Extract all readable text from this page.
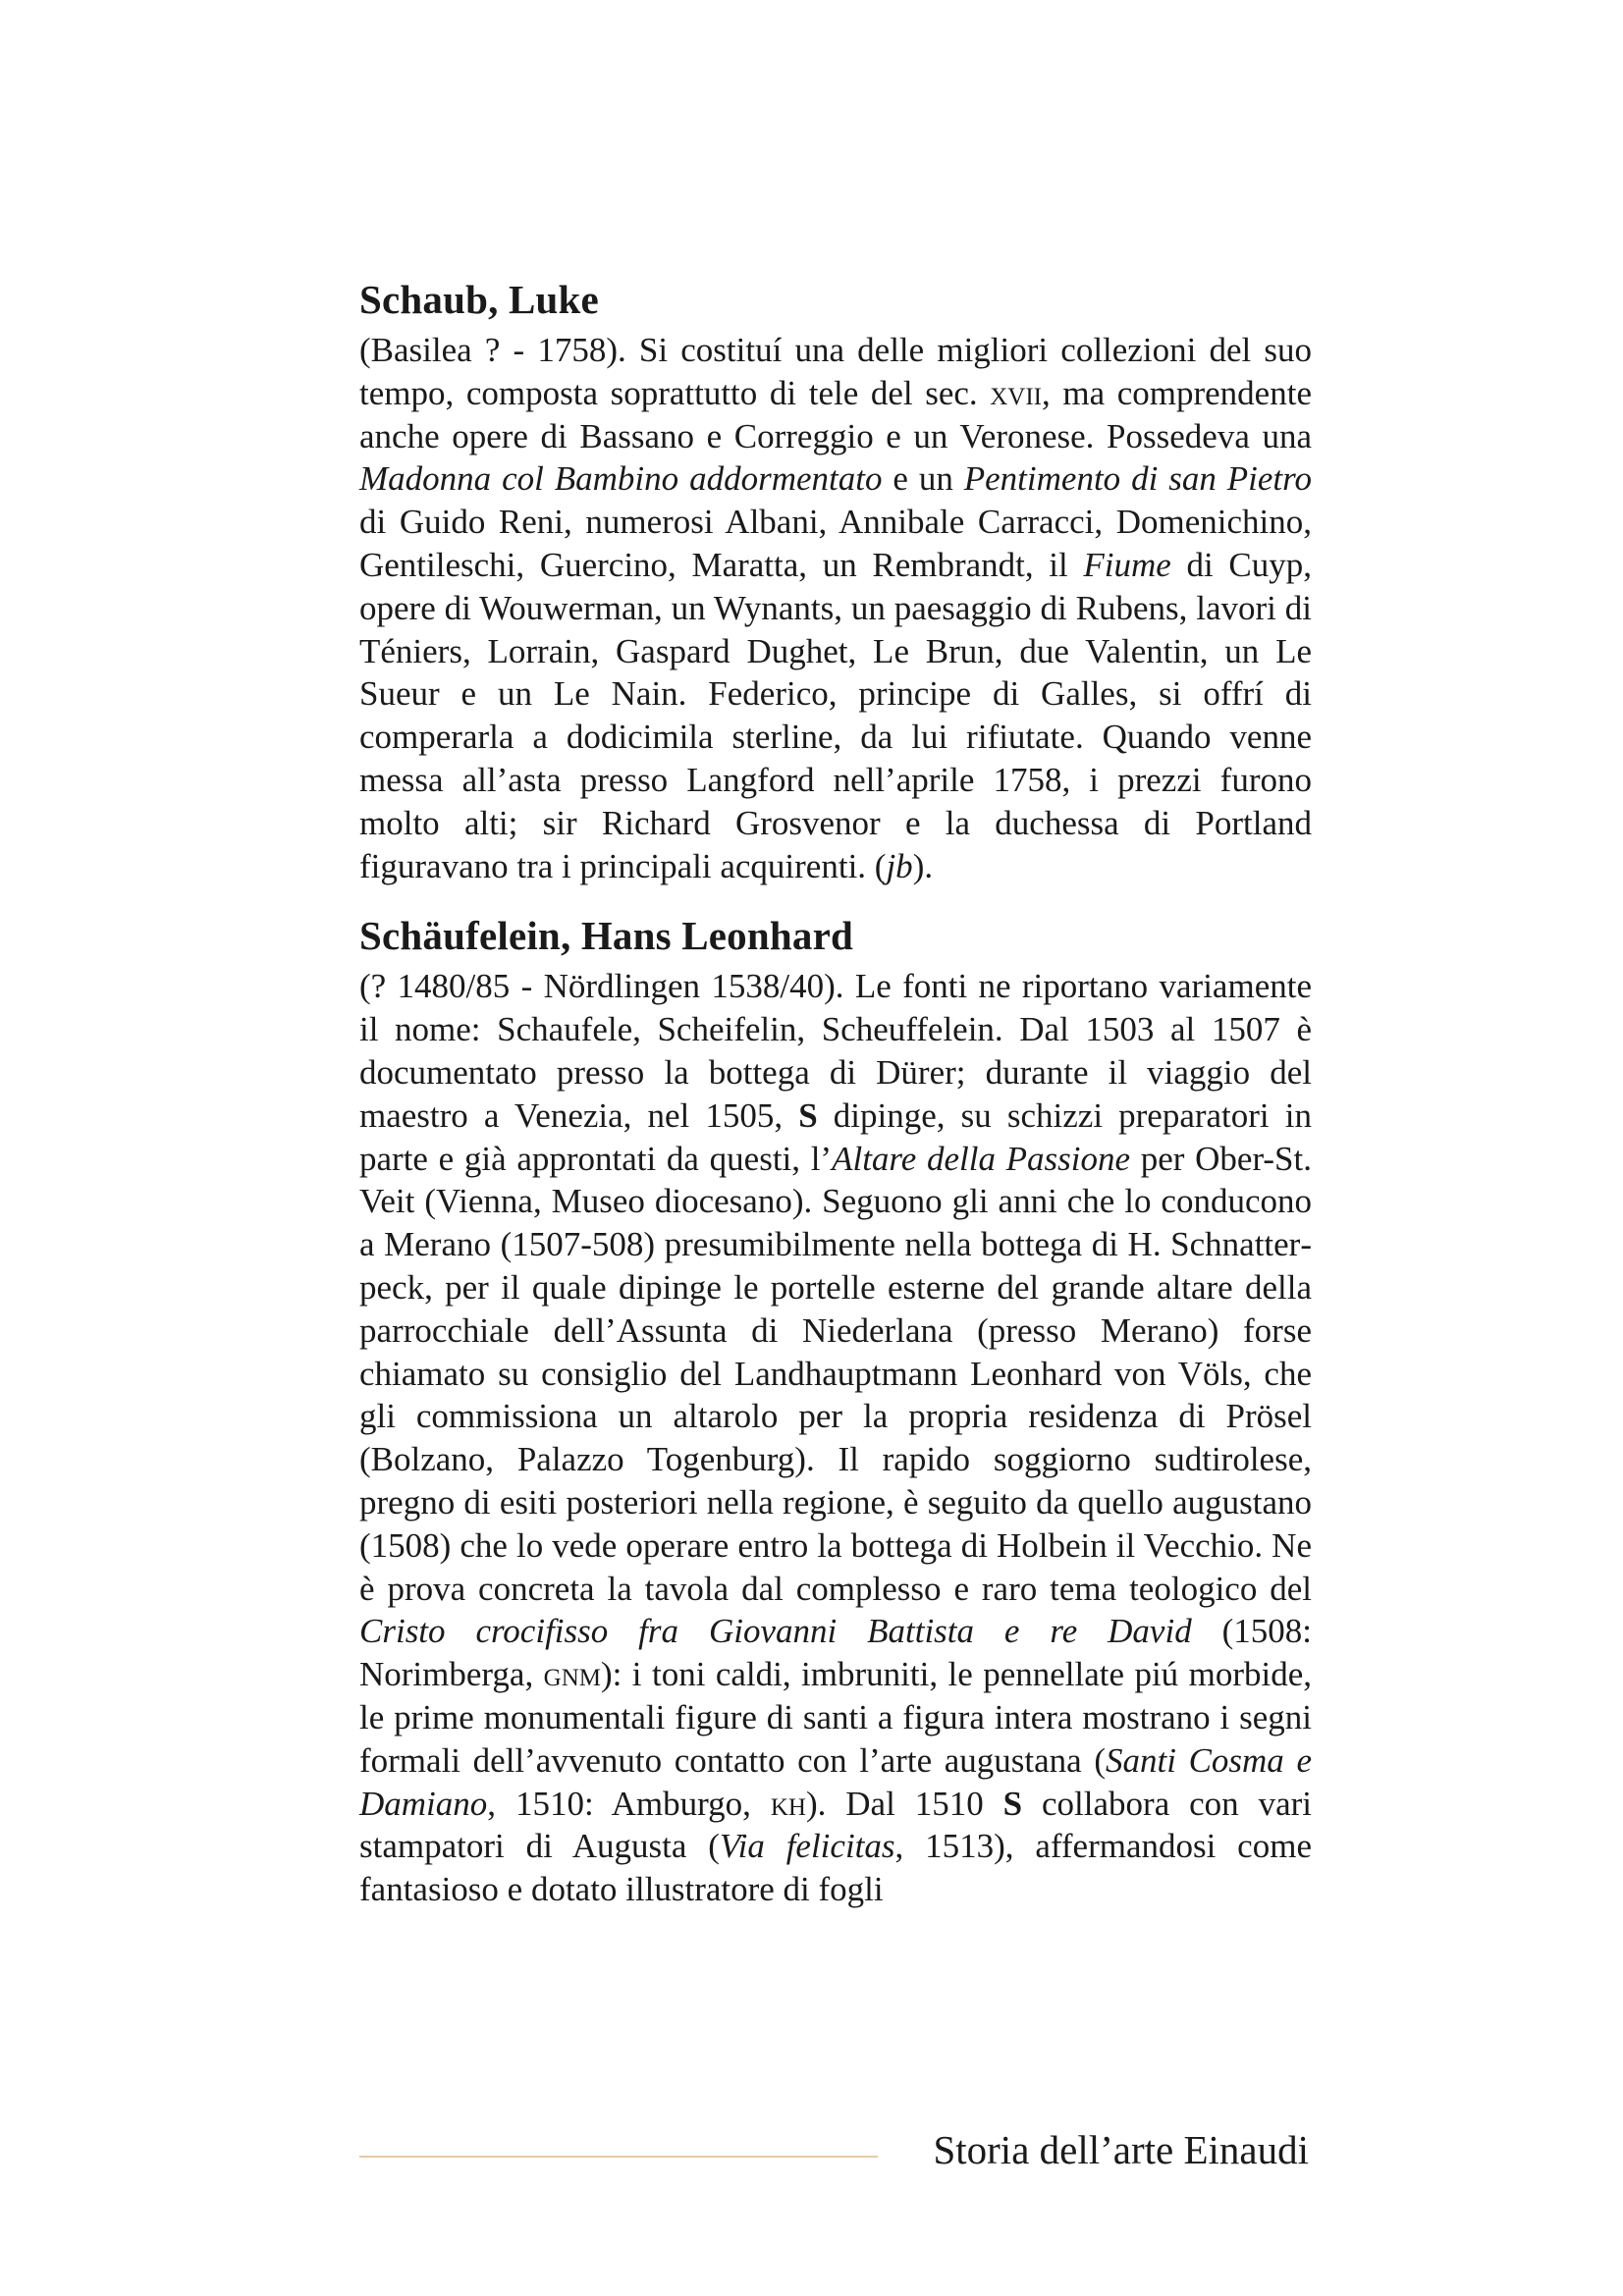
Schaub, Luke

(Basilea ? - 1758). Si costituí una delle migliori collezioni del suo tempo, composta soprattutto di tele del sec. xvii, ma comprendente anche opere di Bassano e Correggio e un Veronese. Possedeva una Madonna col Bambino addormentato e un Pentimento di san Pietro di Guido Reni, numerosi Albani, Annibale Carracci, Domenichino, Gentileschi, Guercino, Maratta, un Rembrandt, il Fiume di Cuyp, opere di Wouwerman, un Wynants, un paesaggio di Rubens, lavori di Téniers, Lorrain, Gaspard Dughet, Le Brun, due Valentin, un Le Sueur e un Le Nain. Federico, principe di Galles, si offrí di comperarla a dodicimila sterline, da lui rifiutate. Quando venne messa all’asta presso Langford nell’aprile 1758, i prezzi furono molto alti; sir Richard Grosvenor e la duchessa di Portland figuravano tra i principali acquirenti. (jb).

Schäufelein, Hans Leonhard

(? 1480/85 - Nördlingen 1538/40). Le fonti ne riportano variamente il nome: Schaufele, Scheifelin, Scheuffelein. Dal 1503 al 1507 è documentato presso la bottega di Dürer; durante il viaggio del maestro a Venezia, nel 1505, S dipinge, su schizzi preparatori in parte e già approntati da questi, l’Altare della Passione per Ober-St. Veit (Vienna, Museo diocesano). Seguono gli anni che lo conducono a Merano (1507-508) presumibilmente nella bottega di H. Schnatterpeck, per il quale dipinge le portelle esterne del grande altare della parrocchiale dell’Assunta di Niederlana (presso Merano) forse chiamato su consiglio del Landhauptmann Leonhard von Völs, che gli commissiona un altarolo per la propria residenza di Prösel (Bolzano, Palazzo Togenburg). Il rapido soggiorno sudtirolese, pregno di esiti posteriori nella regione, è seguito da quello augustano (1508) che lo vede operare entro la bottega di Holbein il Vecchio. Ne è prova concreta la tavola dal complesso e raro tema teologico del Cristo crocifisso fra Giovanni Battista e re David (1508: Norimberga, gnm): i toni caldi, imbruniti, le pennellate piú morbide, le prime monumentali figure di santi a figura intera mostrano i segni formali dell’avvenuto contatto con l’arte augustana (Santi Cosma e Damiano, 1510: Amburgo, kh). Dal 1510 S collabora con vari stampatori di Augusta (Via felicitas, 1513), affermandosi come fantasioso e dotato illustratore di fogli

Storia dell’arte Einaudi
